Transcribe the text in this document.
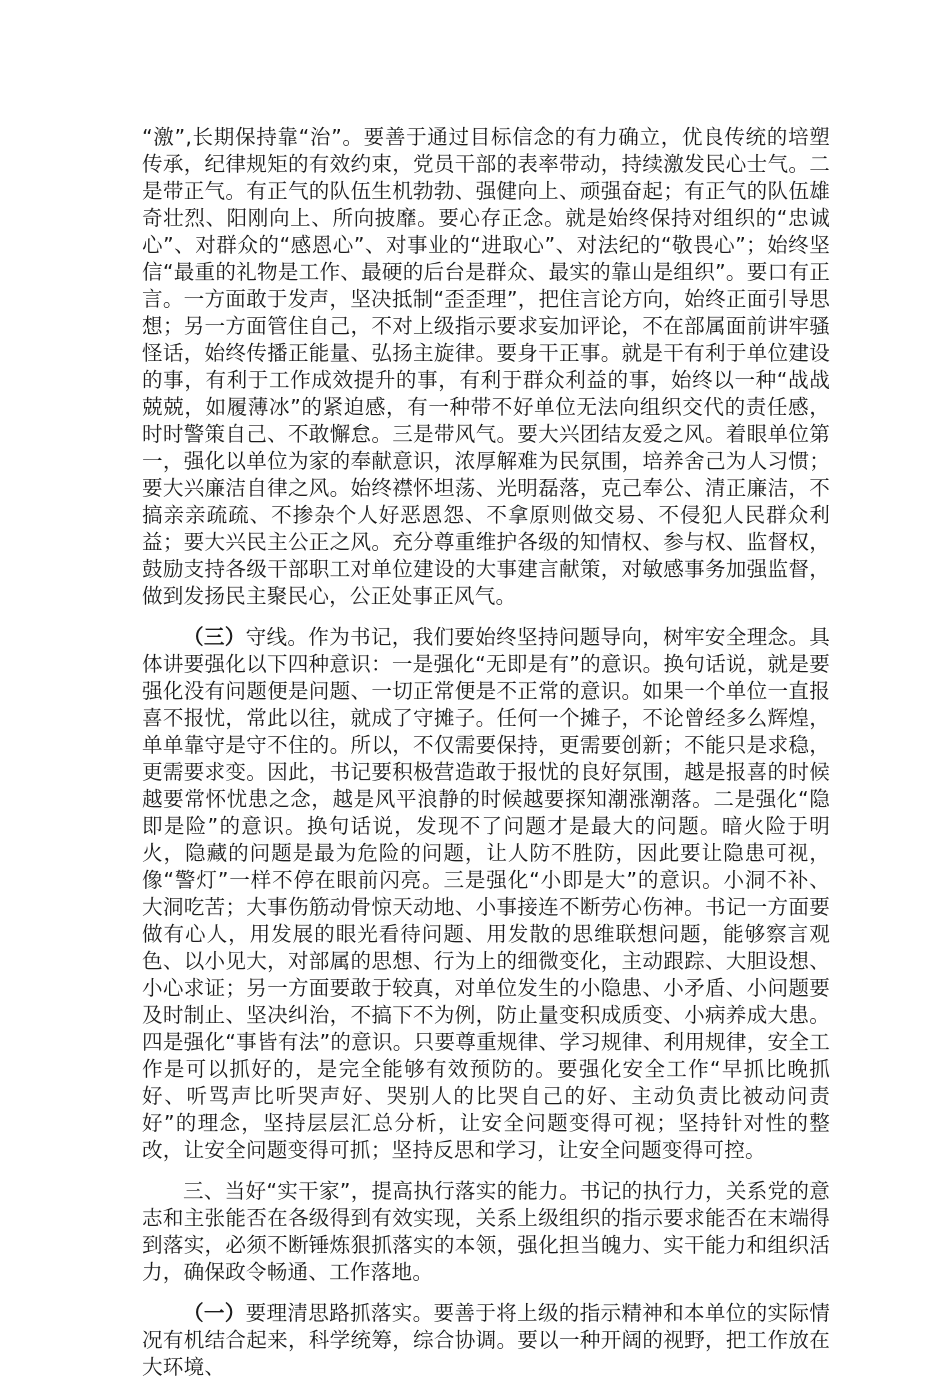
“激”,长期保持靠“治”。要善于通过目标信念的有力确立，优良传统的培塑传承，纪律规矩的有效约束，党员干部的表率带动，持续激发民心士气。二是带正气。有正气的队伍生机勃勃、强健向上、顽强奋起；有正气的队伍雄奇壮烈、阳刚向上、所向披靡。要心存正念。就是始终保持对组织的“忠诚心”、对群众的“感恩心”、对事业的“进取心”、对法纪的“敬畏心”；始终坚信“最重的礼物是工作、最硬的后台是群众、最实的靠山是组织”。要口有正言。一方面敢于发声，坚决抵制“歪歪理”，把住言论方向，始终正面引导思想；另一方面管住自己，不对上级指示要求妄加评论，不在部属面前讲牢骚怪话，始终传播正能量、弘扬主旋律。要身干正事。就是干有利于单位建设的事，有利于工作成效提升的事，有利于群众利益的事，始终以一种“战战兢兢，如履薄冰”的紧迫感，有一种带不好单位无法向组织交代的责任感，时时警策自己、不敢懈怠。三是带风气。要大兴团结友爱之风。着眼单位第一，强化以单位为家的奉献意识，浓厚解难为民氛围，培养舍己为人习惯；要大兴廉洁自律之风。始终襟怀坦荡、光明磊落，克己奉公、清正廉洁，不搞亲亲疏疏、不掺杂个人好恶恩怨、不拿原则做交易、不侵犯人民群众利益；要大兴民主公正之风。充分尊重维护各级的知情权、参与权、监督权，鼓励支持各级干部职工对单位建设的大事建言献策，对敏感事务加强监督，做到发扬民主聚民心，公正处事正风气。

（三）守线。作为书记，我们要始终坚持问题导向，树牢安全理念。具体讲要强化以下四种意识：一是强化“无即是有”的意识。换句话说，就是要强化没有问题便是问题、一切正常便是不正常的意识。如果一个单位一直报喜不报忧，常此以往，就成了守摊子。任何一个摊子，不论曾经多么辉煌，单单靠守是守不住的。所以，不仅需要保持，更需要创新；不能只是求稳，更需要求变。因此，书记要积极营造敢于报忧的良好氛围，越是报喜的时候越要常怀忧患之念，越是风平浪静的时候越要探知潮涨潮落。二是强化“隐即是险”的意识。换句话说，发现不了问题才是最大的问题。暗火险于明火，隐藏的问题是最为危险的问题，让人防不胜防，因此要让隐患可视，像“警灯”一样不停在眼前闪亮。三是强化“小即是大”的意识。小洞不补、大洞吃苦；大事伤筋动骨惊天动地、小事接连不断劳心伤神。书记一方面要做有心人，用发展的眼光看待问题、用发散的思维联想问题，能够察言观色、以小见大，对部属的思想、行为上的细微变化，主动跟踪、大胆设想、小心求证；另一方面要敢于较真，对单位发生的小隐患、小矛盾、小问题要及时制止、坚决纠治，不搞下不为例，防止量变积成质变、小病养成大患。四是强化“事皆有法”的意识。只要尊重规律、学习规律、利用规律，安全工作是可以抓好的，是完全能够有效预防的。要强化安全工作“早抓比晚抓好、听骂声比听哭声好、哭别人的比哭自己的好、主动负责比被动问责好”的理念，坚持层层汇总分析，让安全问题变得可视；坚持针对性的整改，让安全问题变得可抓；坚持反思和学习，让安全问题变得可控。

三、当好“实干家”，提高执行落实的能力。书记的执行力，关系党的意志和主张能否在各级得到有效实现，关系上级组织的指示要求能否在末端得到落实，必须不断锤炼狠抓落实的本领，强化担当魄力、实干能力和组织活力，确保政令畅通、工作落地。

（一）要理清思路抓落实。要善于将上级的指示精神和本单位的实际情况有机结合起来，科学统筹，综合协调。要以一种开阔的视野，把工作放在大环境、
